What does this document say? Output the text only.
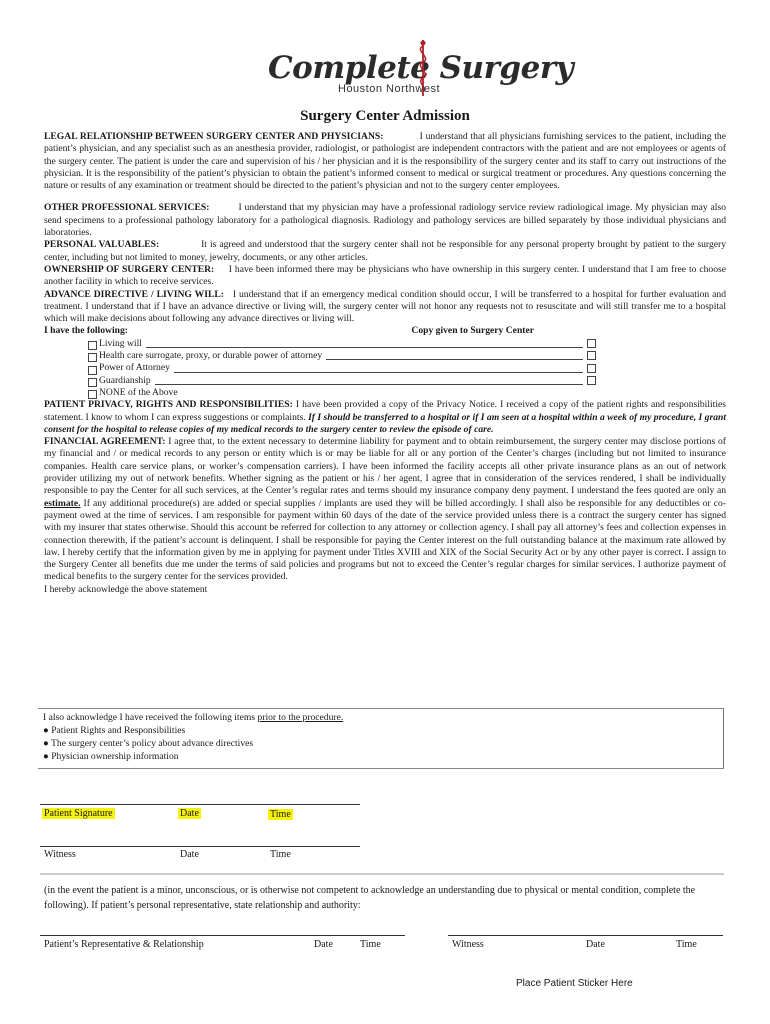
Complete Surgery
Houston Northwest
Surgery Center Admission

LEGAL RELATIONSHIP BETWEEN SURGERY CENTER AND PHYSICIANS:	I understand that all physicians furnishing services to the patient, including the patient’s physician, and any specialist such as an anesthesia provider, radiologist, or pathologist are independent contractors with the patient and are not employees or agents of the surgery center. The patient is under the care and supervision of his / her physician and it is the responsibility of the surgery center and its staff to carry out instructions of the physician. It is the responsibility of the patient’s physician to obtain the patient’s informed consent to medical or surgical treatment or procedures. Any questions concerning the nature or results of any examination or treatment should be directed to the patient’s physician and not to the surgery center employees.

OTHER PROFESSIONAL SERVICES:	I understand that my physician may have a professional radiology service review radiological image. My physician may also send specimens to a professional pathology laboratory for a pathological diagnosis. Radiology and pathology services are billed separately by those individual physicians and laboratories.

PERSONAL VALUABLES:	It is agreed and understood that the surgery center shall not be responsible for any personal property brought by patient to the surgery center, including but not limited to money, jewelry, documents, or any other articles.

OWNERSHIP OF SURGERY CENTER: I have been informed there may be physicians who have ownership in this surgery center. I understand that I am free to choose another facility in which to receive services.

ADVANCE DIRECTIVE / LIVING WILL: I understand that if an emergency medical condition should occur, I will be transferred to a hospital for further evaluation and treatment. I understand that if I have an advance directive or living will, the surgery center will not honor any requests not to resuscitate and will still transfer me to a hospital which will make decisions about following any advance directives or living will.

I have the following:	Copy given to Surgery Center
Living will
Health care surrogate, proxy, or durable power of attorney
Power of Attorney
Guardianship
NONE of the Above

PATIENT PRIVACY, RIGHTS AND RESPONSIBILITIES: I have been provided a copy of the Privacy Notice. I received a copy of the patient rights and responsibilities statement. I know to whom I can express suggestions or complaints. If I should be transferred to a hospital or if I am seen at a hospital within a week of my procedure, I grant consent for the hospital to release copies of my medical records to the surgery center to review the episode of care.

FINANCIAL AGREEMENT: I agree that, to the extent necessary to determine liability for payment and to obtain reimbursement, the surgery center may disclose portions of my financial and / or medical records to any person or entity which is or may be liable for all or any portion of the Center’s charges (including but not limited to insurance companies. Health care service plans, or worker’s compensation carriers). I have been informed the facility accepts all other private insurance plans as an out of network provider utilizing my out of network benefits. Whether signing as the patient or his / her agent, I agree that in consideration of the services rendered, I shall be individually responsible to pay the Center for all such services, at the Center’s regular rates and terms should my insurance company deny payment. I understand the fees quoted are only an estimate. If any additional procedure(s) are added or special supplies / implants are used they will be billed accordingly. I shall also be responsible for any deductibles or co-payment owed at the time of services. I am responsible for payment within 60 days of the date of the service provided unless there is a contract the surgery center has signed with my insurer that states otherwise. Should this account be referred for collection to any attorney or collection agency. I shall pay all attorney’s fees and collection expenses in connection therewith, if the patient’s account is delinquent. I shall be responsible for paying the Center interest on the full outstanding balance at the maximum rate allowed by law. I hereby certify that the information given by me in applying for payment under Titles XVIII and XIX of the Social Security Act or by any other payer is correct. I assign to the Surgery Center all benefits due me under the terms of said policies and programs but not to exceed the Center’s regular charges for similar services. I authorize payment of medical benefits to the surgery center for the services provided.

I hereby acknowledge the above statement

I also acknowledge I have received the following items prior to the procedure.
● Patient Rights and Responsibilities
● The surgery center’s policy about advance directives
● Physician ownership information
Patient Signature	Date	Time
Witness	Date	Time
(in the event the patient is a minor, unconscious, or is otherwise not competent to acknowledge an understanding due to physical or mental condition, complete the following). If patient’s personal representative, state relationship and authority:
Patient’s Representative & Relationship	Date	Time	Witness	Date	Time
Place Patient Sticker Here
